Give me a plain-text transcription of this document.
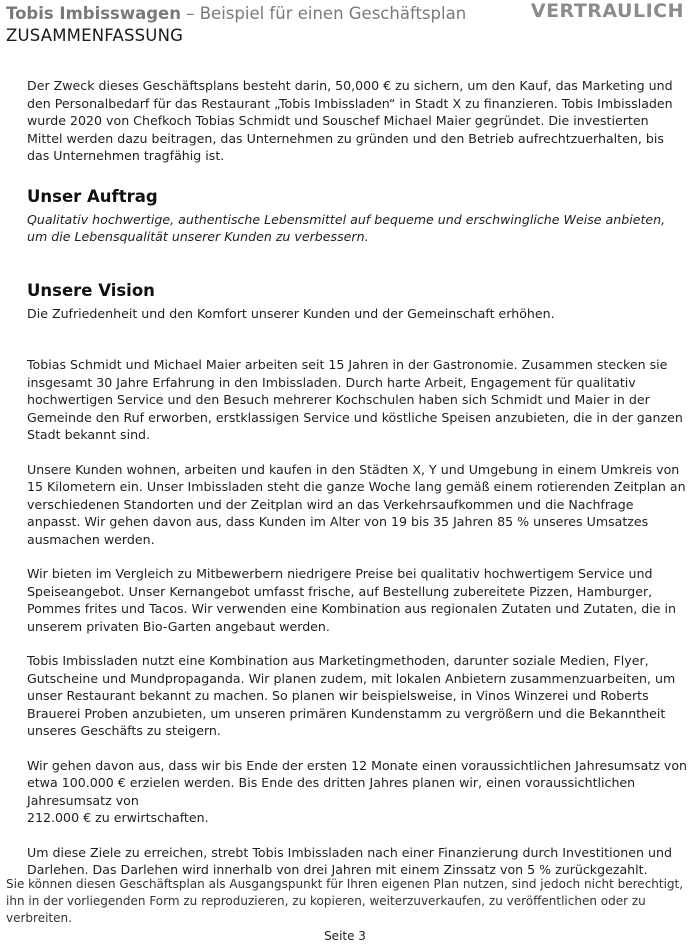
Tobis Imbisswagen – Beispiel für einen Geschäftsplan
ZUSAMMENFASSUNG
VERTRAULICH

Der Zweck dieses Geschäftsplans besteht darin, 50,000 € zu sichern, um den Kauf, das Marketing und den Personalbedarf für das Restaurant „Tobis Imbissladen“ in Stadt X zu finanzieren. Tobis Imbissladen wurde 2020 von Chefkoch Tobias Schmidt und Souschef Michael Maier gegründet. Die investierten Mittel werden dazu beitragen, das Unternehmen zu gründen und den Betrieb aufrechtzuerhalten, bis das Unternehmen tragfähig ist.

Unser Auftrag

Qualitativ hochwertige, authentische Lebensmittel auf bequeme und erschwingliche Weise anbieten, um die Lebensqualität unserer Kunden zu verbessern.

Unsere Vision

Die Zufriedenheit und den Komfort unserer Kunden und der Gemeinschaft erhöhen.

Tobias Schmidt und Michael Maier arbeiten seit 15 Jahren in der Gastronomie. Zusammen stecken sie insgesamt 30 Jahre Erfahrung in den Imbissladen. Durch harte Arbeit, Engagement für qualitativ hochwertigen Service und den Besuch mehrerer Kochschulen haben sich Schmidt und Maier in der Gemeinde den Ruf erworben, erstklassigen Service und köstliche Speisen anzubieten, die in der ganzen Stadt bekannt sind.

Unsere Kunden wohnen, arbeiten und kaufen in den Städten X, Y und Umgebung in einem Umkreis von 15 Kilometern ein. Unser Imbissladen steht die ganze Woche lang gemäß einem rotierenden Zeitplan an verschiedenen Standorten und der Zeitplan wird an das Verkehrsaufkommen und die Nachfrage anpasst. Wir gehen davon aus, dass Kunden im Alter von 19 bis 35 Jahren 85 % unseres Umsatzes ausmachen werden.

Wir bieten im Vergleich zu Mitbewerbern niedrigere Preise bei qualitativ hochwertigem Service und Speiseangebot. Unser Kernangebot umfasst frische, auf Bestellung zubereitete Pizzen, Hamburger, Pommes frites und Tacos. Wir verwenden eine Kombination aus regionalen Zutaten und Zutaten, die in unserem privaten Bio-Garten angebaut werden.

Tobis Imbissladen nutzt eine Kombination aus Marketingmethoden, darunter soziale Medien, Flyer, Gutscheine und Mundpropaganda. Wir planen zudem, mit lokalen Anbietern zusammenzuarbeiten, um unser Restaurant bekannt zu machen. So planen wir beispielsweise, in Vinos Winzerei und Roberts Brauerei Proben anzubieten, um unseren primären Kundenstamm zu vergrößern und die Bekanntheit unseres Geschäfts zu steigern.

Wir gehen davon aus, dass wir bis Ende der ersten 12 Monate einen voraussichtlichen Jahresumsatz von etwa 100.000 € erzielen werden. Bis Ende des dritten Jahres planen wir, einen voraussichtlichen Jahresumsatz von
212.000 € zu erwirtschaften.

Um diese Ziele zu erreichen, strebt Tobis Imbissladen nach einer Finanzierung durch Investitionen und Darlehen. Das Darlehen wird innerhalb von drei Jahren mit einem Zinssatz von 5 % zurückgezahlt.

Sie können diesen Geschäftsplan als Ausgangspunkt für Ihren eigenen Plan nutzen, sind jedoch nicht berechtigt, ihn in der vorliegenden Form zu reproduzieren, zu kopieren, weiterzuverkaufen, zu veröffentlichen oder zu verbreiten.
Seite 3
